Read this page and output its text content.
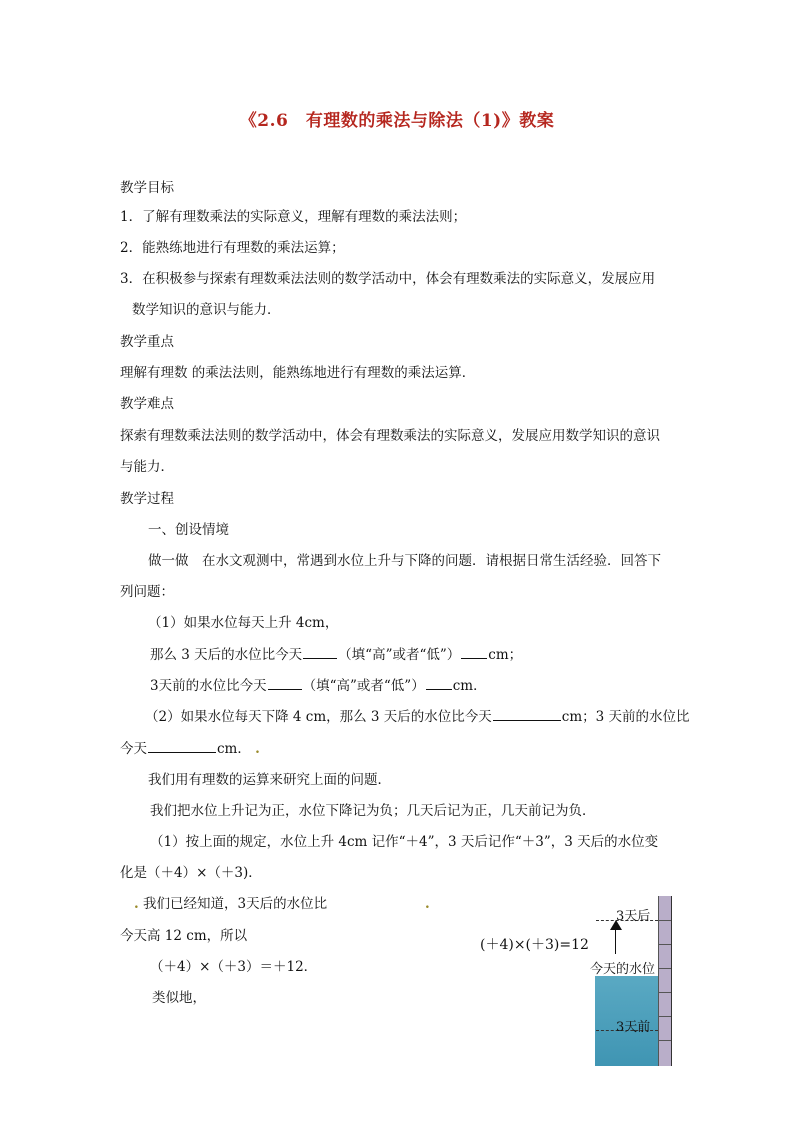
《2.6　有理数的乘法与除法（1)》教案
教学目标
1．了解有理数乘法的实际意义，理解有理数的乘法法则；
2．能熟练地进行有理数的乘法运算；
3．在积极参与探索有理数乘法法则的数学活动中，体会有理数乘法的实际意义，发展应用
数学知识的意识与能力．
教学重点
理解有理数 的乘法法则，能熟练地进行有理数的乘法运算．
教学难点
探索有理数乘法法则的数学活动中，体会有理数乘法的实际意义，发展应用数学知识的意识
与能力．
教学过程
一、创设情境
做一做　在水文观测中，常遇到水位上升与下降的问题．请根据日常生活经验．回答下
列问题：
（1）如果水位每天上升 4cm，
那么 3 天后的水位比今天	（填“高”或者“低”） cm；
3天前的水位比今天	（填“高”或者“低”） cm．
（2）如果水位每天下降 4 cm，那么 3 天后的水位比今天	cm；3 天前的水位比
今天	cm． .
我们用有理数的运算来研究上面的问题．
我们把水位上升记为正，水位下降记为负；几天后记为正，几天前记为负．
（1）按上面的规定，水位上升 4cm 记作“＋4”，3 天后记作“＋3”，3 天后的水位变
化是（＋4）×（＋3)．
. 我们已经知道，3天后的水位比	.
今天高 12 cm，所以
（＋4）×（＋3）＝＋12．
类似地，
(＋4)×(＋3)=12
3天后
今天的水位
3天前
